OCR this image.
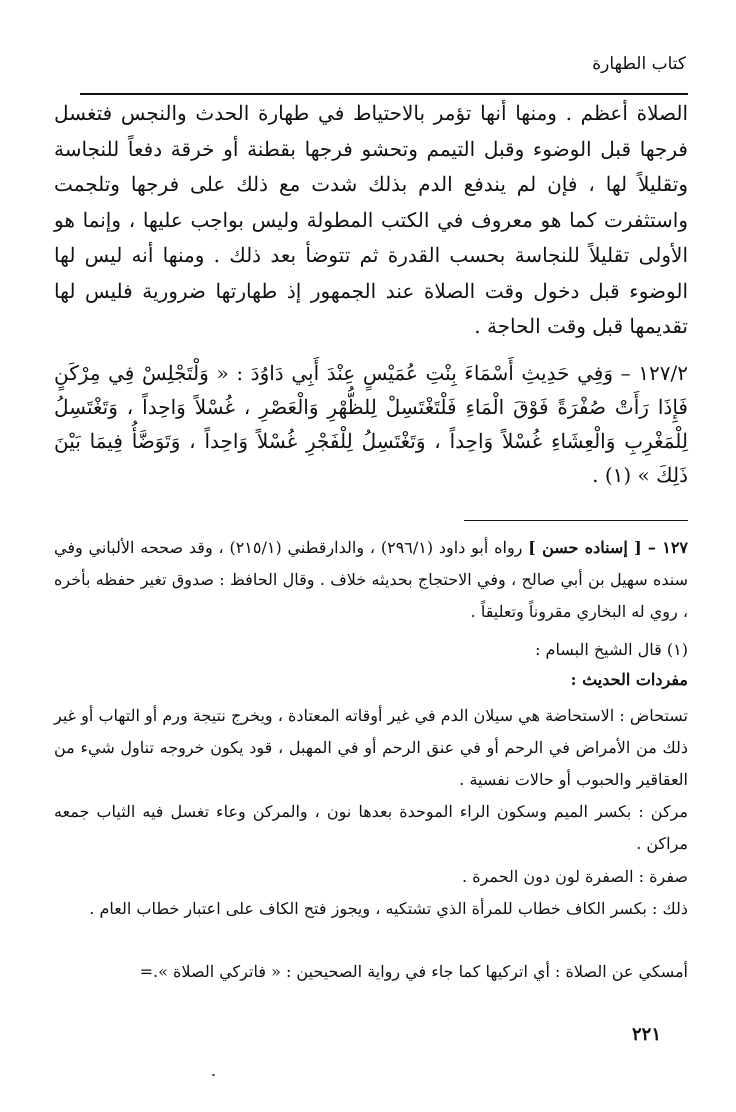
كتاب الطهارة

الصلاة أعظم . ومنها أنها تؤمر بالاحتياط في طهارة الحدث والنجس فتغسل فرجها قبل الوضوء وقبل التيمم وتحشو فرجها بقطنة أو خرقة دفعاً للنجاسة وتقليلاً لها ، فإن لم يندفع الدم بذلك شدت مع ذلك على فرجها وتلجمت واستثفرت كما هو معروف في الكتب المطولة وليس بواجب عليها ، وإنما هو الأولى تقليلاً للنجاسة بحسب القدرة ثم تتوضأ بعد ذلك . ومنها أنه ليس لها الوضوء قبل دخول وقت الصلاة عند الجمهور إذ طهارتها ضرورية فليس لها تقديمها قبل وقت الحاجة .

١٢٧/٢ – وَفِي حَدِيثِ أَسْمَاءَ بِنْتِ عُمَيْسٍ عِنْدَ أَبِي دَاوُدَ : « وَلْتَجْلِسْ فِي مِرْكَنٍ فَإِذَا رَأَتْ صُفْرَةً فَوْقَ الْمَاءِ فَلْتَغْتَسِلْ لِلظُّهْرِ وَالْعَصْرِ ، غُسْلاً وَاحِداً ، وَتَغْتَسِلُ لِلْمَغْرِبِ وَالْعِشَاءِ غُسْلاً وَاحِداً ، وَتَغْتَسِلُ لِلْفَجْرِ غُسْلاً وَاحِداً ، وَتَوَضَّأُ فِيمَا بَيْنَ ذَلِكَ » (١) .

١٢٧ – [ إسناده حسن ] رواه أبو داود (٢٩٦/١) ، والدارقطني (٢١٥/١) ، وقد صححه الألباني وفي سنده سهيل بن أبي صالح ، وفي الاحتجاج بحديثه خلاف . وقال الحافظ : صدوق تغير حفظه بأخره ، روي له البخاري مقروناً وتعليقاً .

(١) قال الشيخ البسام :

مفردات الحديث :

تستحاض : الاستحاضة هي سيلان الدم في غير أوقاته المعتادة ، ويخرج نتيجة ورم أو التهاب أو غير ذلك من الأمراض في الرحم أو في عنق الرحم أو في المهبل ، قود يكون خروجه تناول شيء من العقاقير والحبوب أو حالات نفسية .

مركن : بكسر الميم وسكون الراء الموحدة بعدها نون ، والمركن وعاء تغسل فيه الثياب جمعه مراكن .

صفرة : الصفرة لون دون الحمرة .

ذلك : بكسر الكاف خطاب للمرأة الذي تشتكيه ، ويجوز فتح الكاف على اعتبار خطاب العام .

أمسكي عن الصلاة : أي اتركيها كما جاء في رواية الصحيحين : « فاتركي الصلاة ».=

٢٢١
